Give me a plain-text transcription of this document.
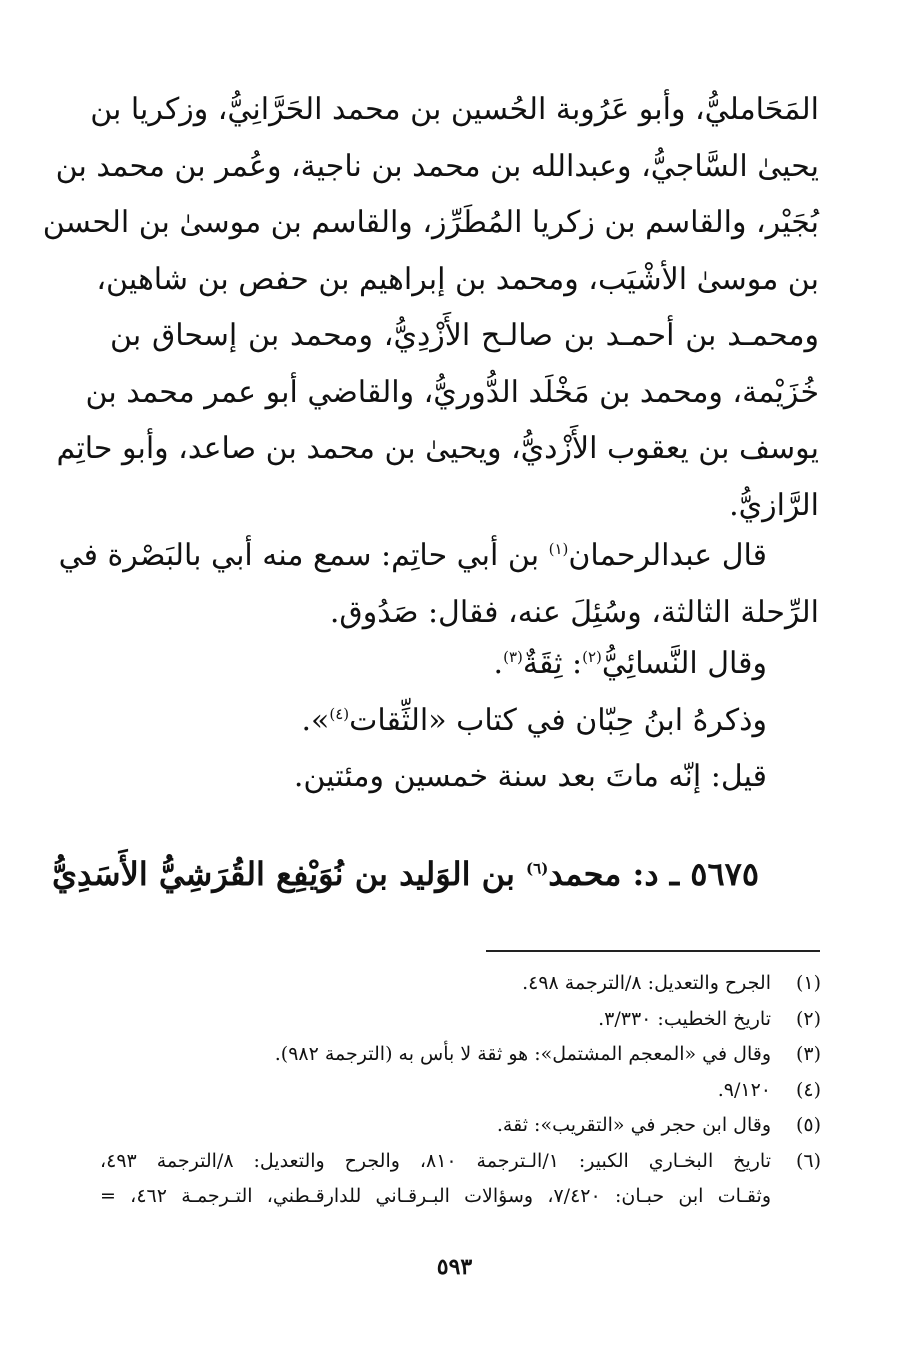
المَحَامليُّ، وأبو عَرُوبة الحُسين بن محمد الحَرَّانِيُّ، وزكريا بن
يحيىٰ السَّاجيُّ، وعبدالله بن محمد بن ناجية، وعُمر بن محمد بن
بُجَيْر، والقاسم بن زكريا المُطَرِّز، والقاسم بن موسىٰ بن الحسن
بن موسىٰ الأشْيَب، ومحمد بن إبراهيم بن حفص بن شاهين،
ومحمـد بن أحمـد بن صالـح الأَزْدِيُّ، ومحمد بن إسحاق بن
خُزَيْمة، ومحمد بن مَخْلَد الدُّوريُّ، والقاضي أبو عمر محمد بن
يوسف بن يعقوب الأَزْديُّ، ويحيىٰ بن محمد بن صاعد، وأبو حاتِم
الرَّازيُّ.
قال عبدالرحمان$^{(١)}$ بن أبي حاتِم: سمع منه أبي بالبَصْرة في
الرِّحلة الثالثة، وسُئِلَ عنه، فقال: صَدُوق.
وقال النَّسائِيُّ$^{(٢)}$: ثِقَةٌ$^{(٣)}$.
وذكرهُ ابنُ حِبّان في كتاب «الثِّقات$^{(٤)}$».
قيل: إنّه ماتَ بعد سنة خمسين ومئتين.
٥٦٧٥ ـ د: محمد$^{(٦)}$ بن الوَليد بن نُوَيْفِع القُرَشِيُّ الأَسَدِيُّ
(١)
الجرح والتعديل: ٨/الترجمة ٤٩٨.
(٢)
تاريخ الخطيب: ٣/٣٣٠.
(٣)
وقال في «المعجم المشتمل»: هو ثقة لا بأس به (الترجمة ٩٨٢).
(٤)
٩/١٢٠.
(٥)
وقال ابن حجر في «التقريب»: ثقة.
(٦)
تاريخ البخـاري الكبير: ١/الـترجمة ٨١٠، والجرح والتعديل: ٨/الترجمة ٤٩٣،
وثقـات ابن حبـان: ٧/٤٢٠، وسؤالات البـرقـاني للدارقـطني، التـرجمـة ٤٦٢، =
٥٩٣
